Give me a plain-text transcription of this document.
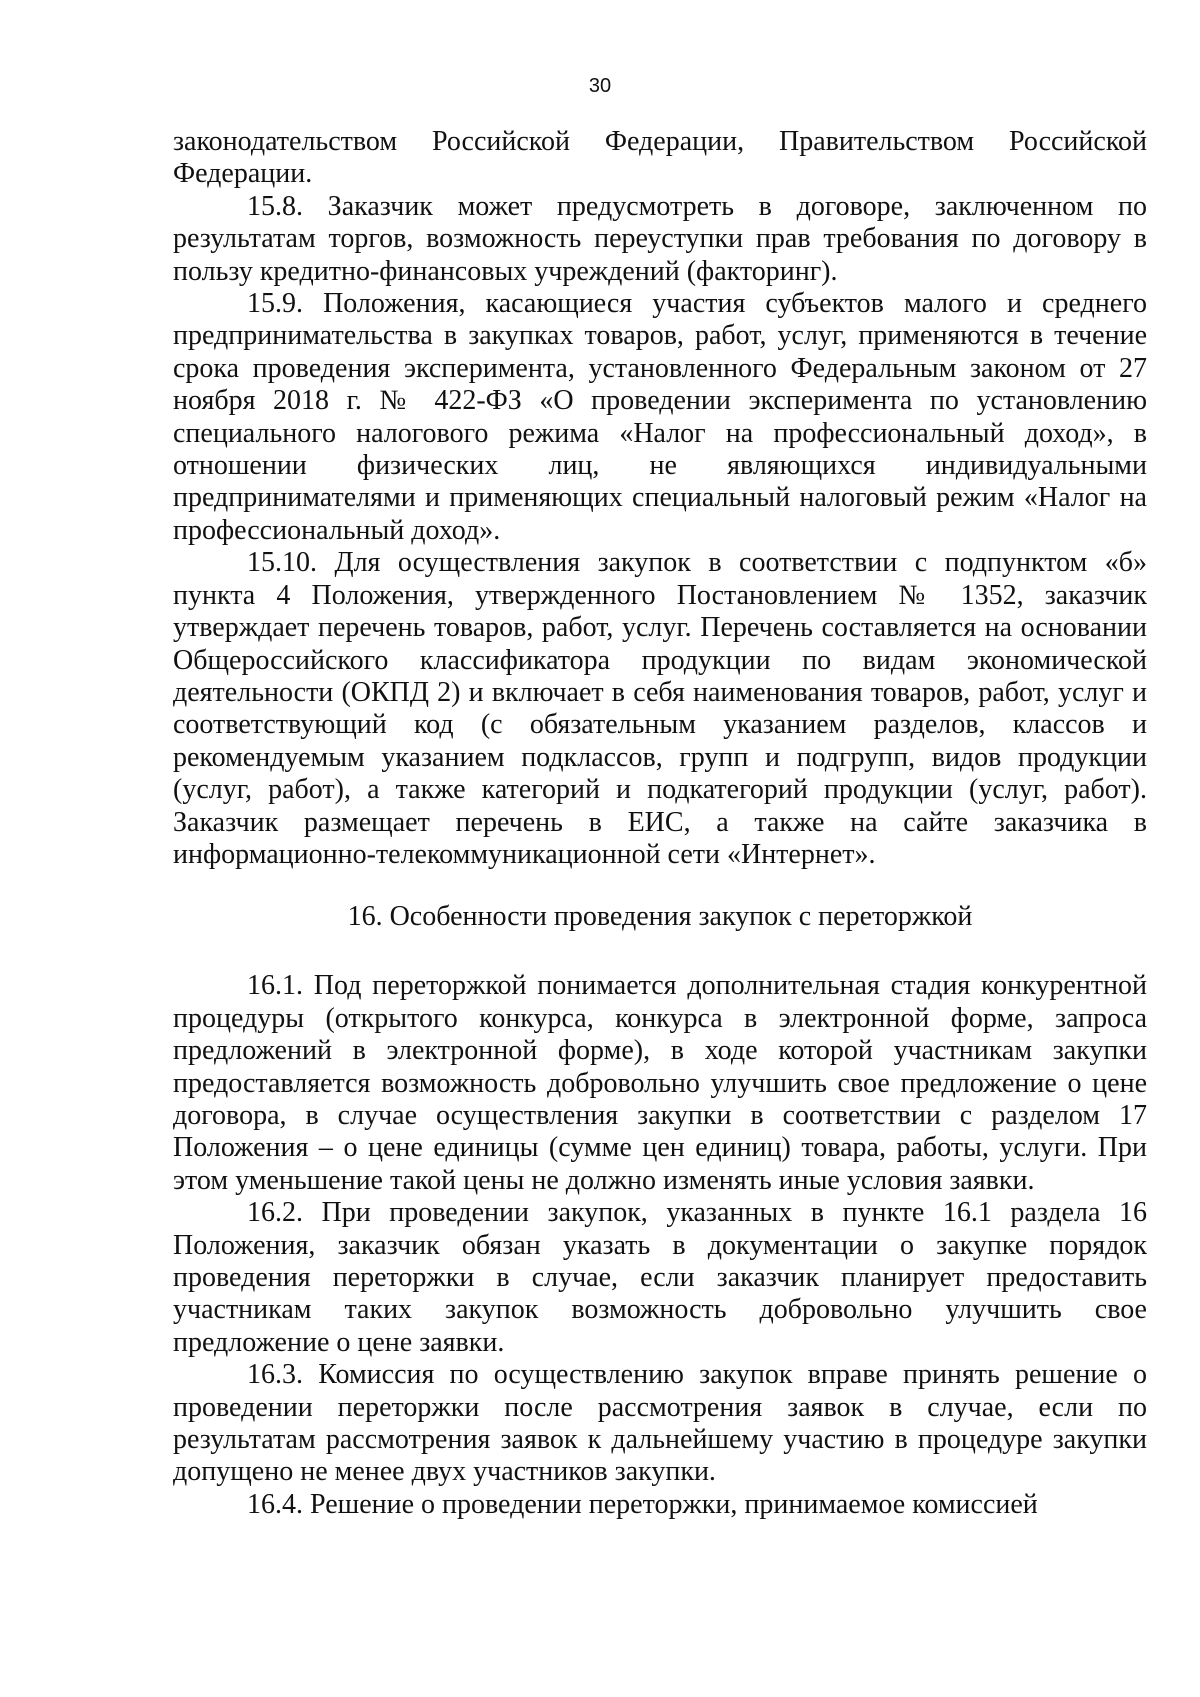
30

законодательством Российской Федерации, Правительством Российской Федерации.

15.8. Заказчик может предусмотреть в договоре, заключенном по результатам торгов, возможность переуступки прав требования по договору в пользу кредитно-финансовых учреждений (факторинг).

15.9. Положения, касающиеся участия субъектов малого и среднего предпринимательства в закупках товаров, работ, услуг, применяются в течение срока проведения эксперимента, установленного Федеральным законом от 27 ноября 2018 г. № 422-ФЗ «О проведении эксперимента по установлению специального налогового режима «Налог на профессиональный доход», в отношении физических лиц, не являющихся индивидуальными предпринимателями и применяющих специальный налоговый режим «Налог на профессиональный доход».

15.10. Для осуществления закупок в соответствии с подпунктом «б» пункта 4 Положения, утвержденного Постановлением № 1352, заказчик утверждает перечень товаров, работ, услуг. Перечень составляется на основании Общероссийского классификатора продукции по видам экономической деятельности (ОКПД 2) и включает в себя наименования товаров, работ, услуг и соответствующий код (с обязательным указанием разделов, классов и рекомендуемым указанием подклассов, групп и подгрупп, видов продукции (услуг, работ), а также категорий и подкатегорий продукции (услуг, работ). Заказчик размещает перечень в ЕИС, а также на сайте заказчика в информационно-телекоммуникационной сети «Интернет».

16. Особенности проведения закупок с переторжкой

16.1. Под переторжкой понимается дополнительная стадия конкурентной процедуры (открытого конкурса, конкурса в электронной форме, запроса предложений в электронной форме), в ходе которой участникам закупки предоставляется возможность добровольно улучшить свое предложение о цене договора, в случае осуществления закупки в соответствии с разделом 17 Положения – о цене единицы (сумме цен единиц) товара, работы, услуги. При этом уменьшение такой цены не должно изменять иные условия заявки.

16.2. При проведении закупок, указанных в пункте 16.1 раздела 16 Положения, заказчик обязан указать в документации о закупке порядок проведения переторжки в случае, если заказчик планирует предоставить участникам таких закупок возможность добровольно улучшить свое предложение о цене заявки.

16.3. Комиссия по осуществлению закупок вправе принять решение о проведении переторжки после рассмотрения заявок в случае, если по результатам рассмотрения заявок к дальнейшему участию в процедуре закупки допущено не менее двух участников закупки.

16.4. Решение о проведении переторжки, принимаемое комиссией
